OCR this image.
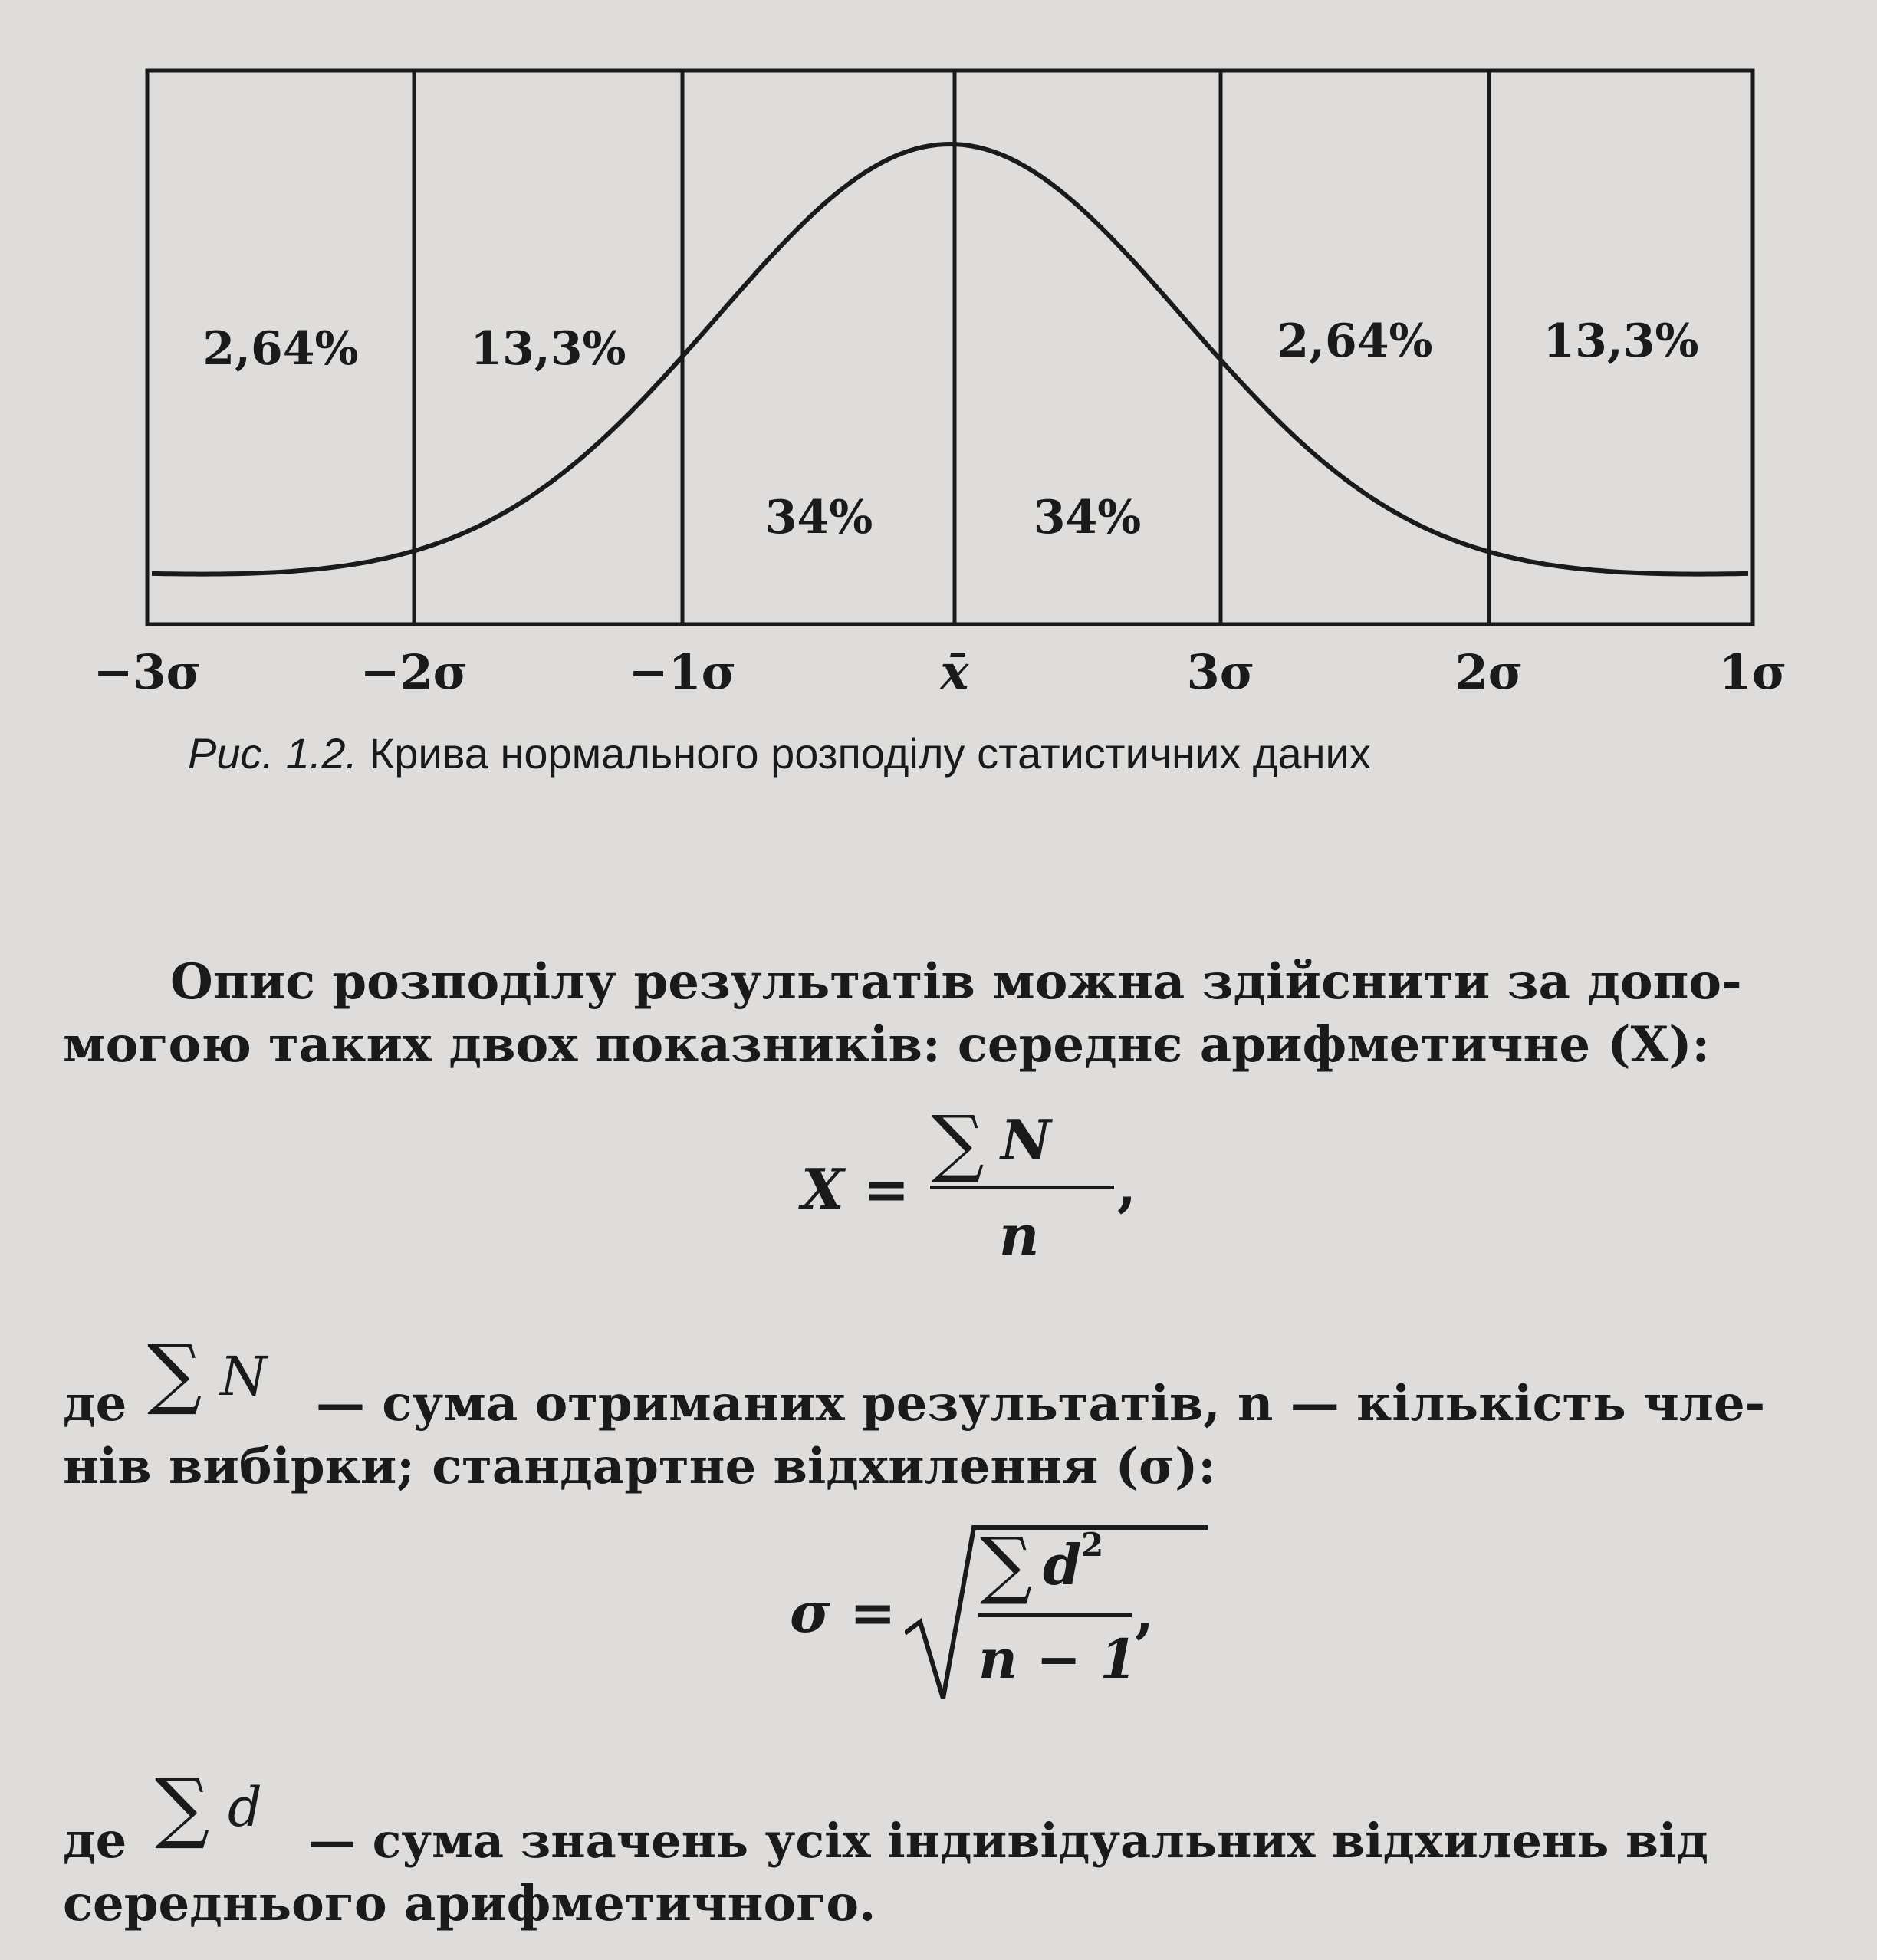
−3σ	−2σ	−1σ	x̄	3σ	2σ	1σ
2,64% 13,3%
34%	34%
2,64% 13,3%
Рис. 1.2. Крива нормального розподілу статистичних даних
Опис розподілу результатів можна здійснити за допо-
могою таких двох показників: середнє арифметичне (X):
X =
∑ N
n
,
де ∑ N — сума отриманих результатів, n — кількість чле-
нів вибірки; стандартне відхилення (σ):
σ =
∑ d 2
n − 1
,
де ∑ d
— сума значень усіх індивідуальних відхилень від
середнього арифметичного.
